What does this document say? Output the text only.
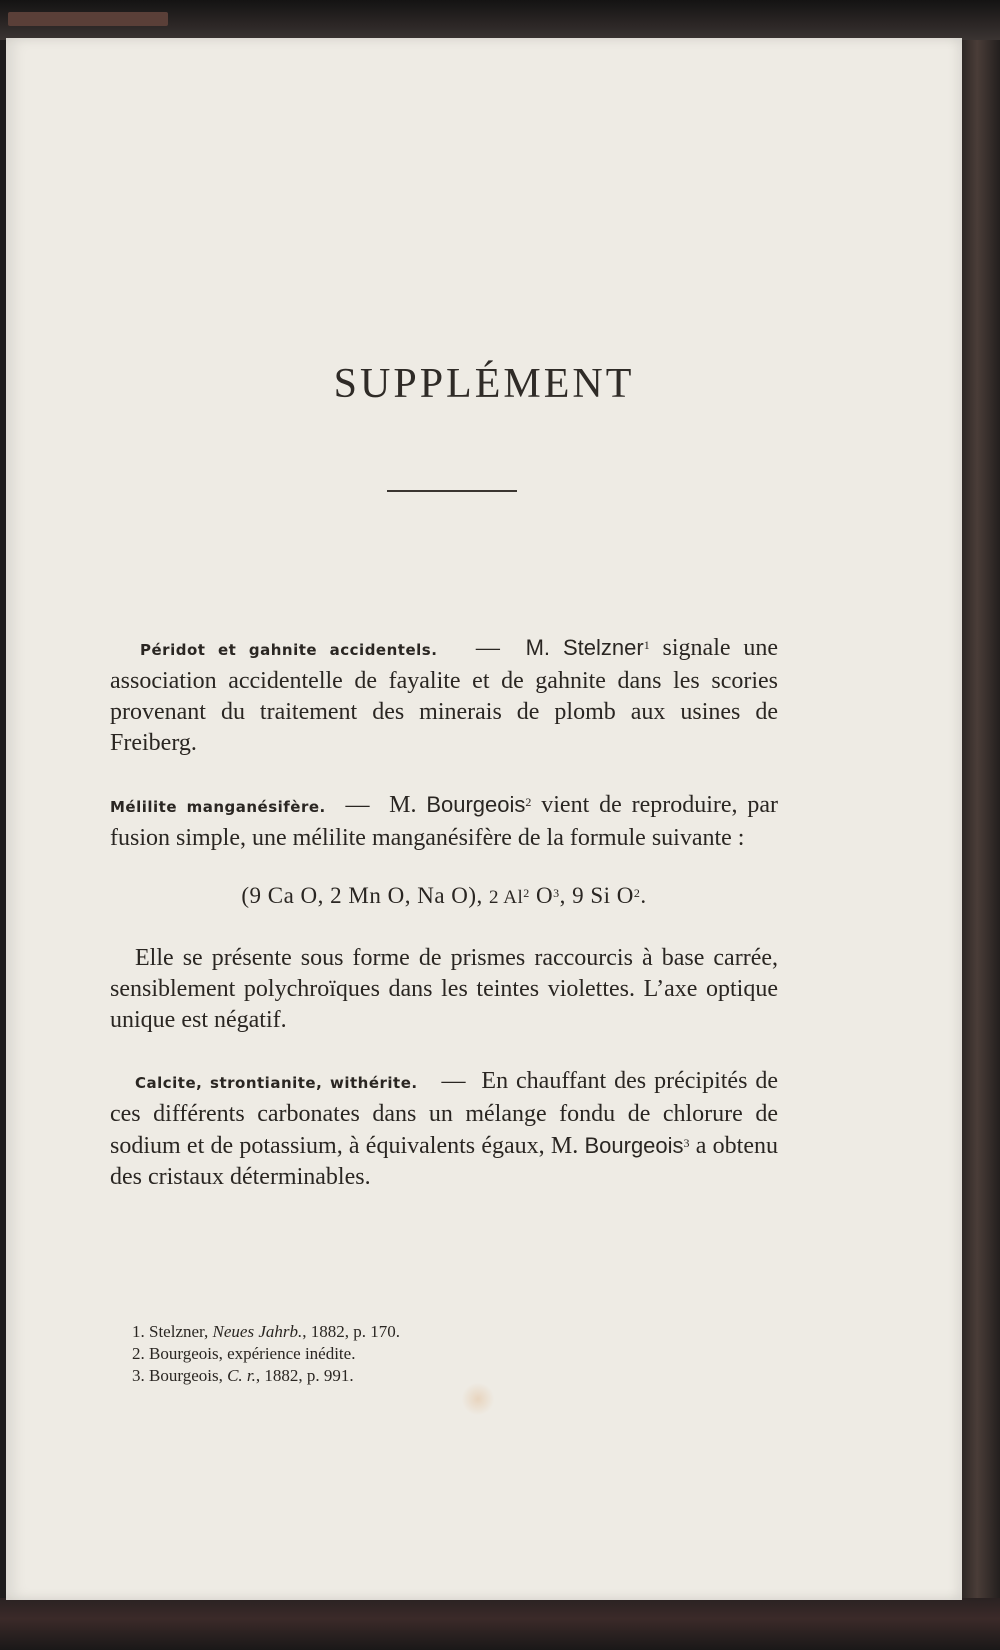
SUPPLÉMENT

Péridot et gahnite accidentels. — M. Stelzner$^1$ signale une association accidentelle de fayalite et de gahnite dans les scories provenant du traitement des minerais de plomb aux usines de Freiberg.

Mélilite manganésifère. — M. Bourgeois$^2$ vient de reproduire, par fusion simple, une mélilite manganésifère de la formule suivante :

(9 Ca O, 2 Mn O, Na O), 2 Al$^2$ $O^3$, 9 Si $O^2$.

Elle se présente sous forme de prismes raccourcis à base carrée, sensiblement polychroïques dans les teintes violettes. L’axe optique unique est négatif.

Calcite, strontianite, withérite. — En chauffant des précipités de ces différents carbonates dans un mélange fondu de chlorure de sodium et de potassium, à équivalents égaux, M. Bourgeois$^3$ a obtenu des cristaux déterminables.

1. Stelzner, Neues Jahrb., 1882, p. 170.

2. Bourgeois, expérience inédite.

3. Bourgeois, C. r., 1882, p. 991.
